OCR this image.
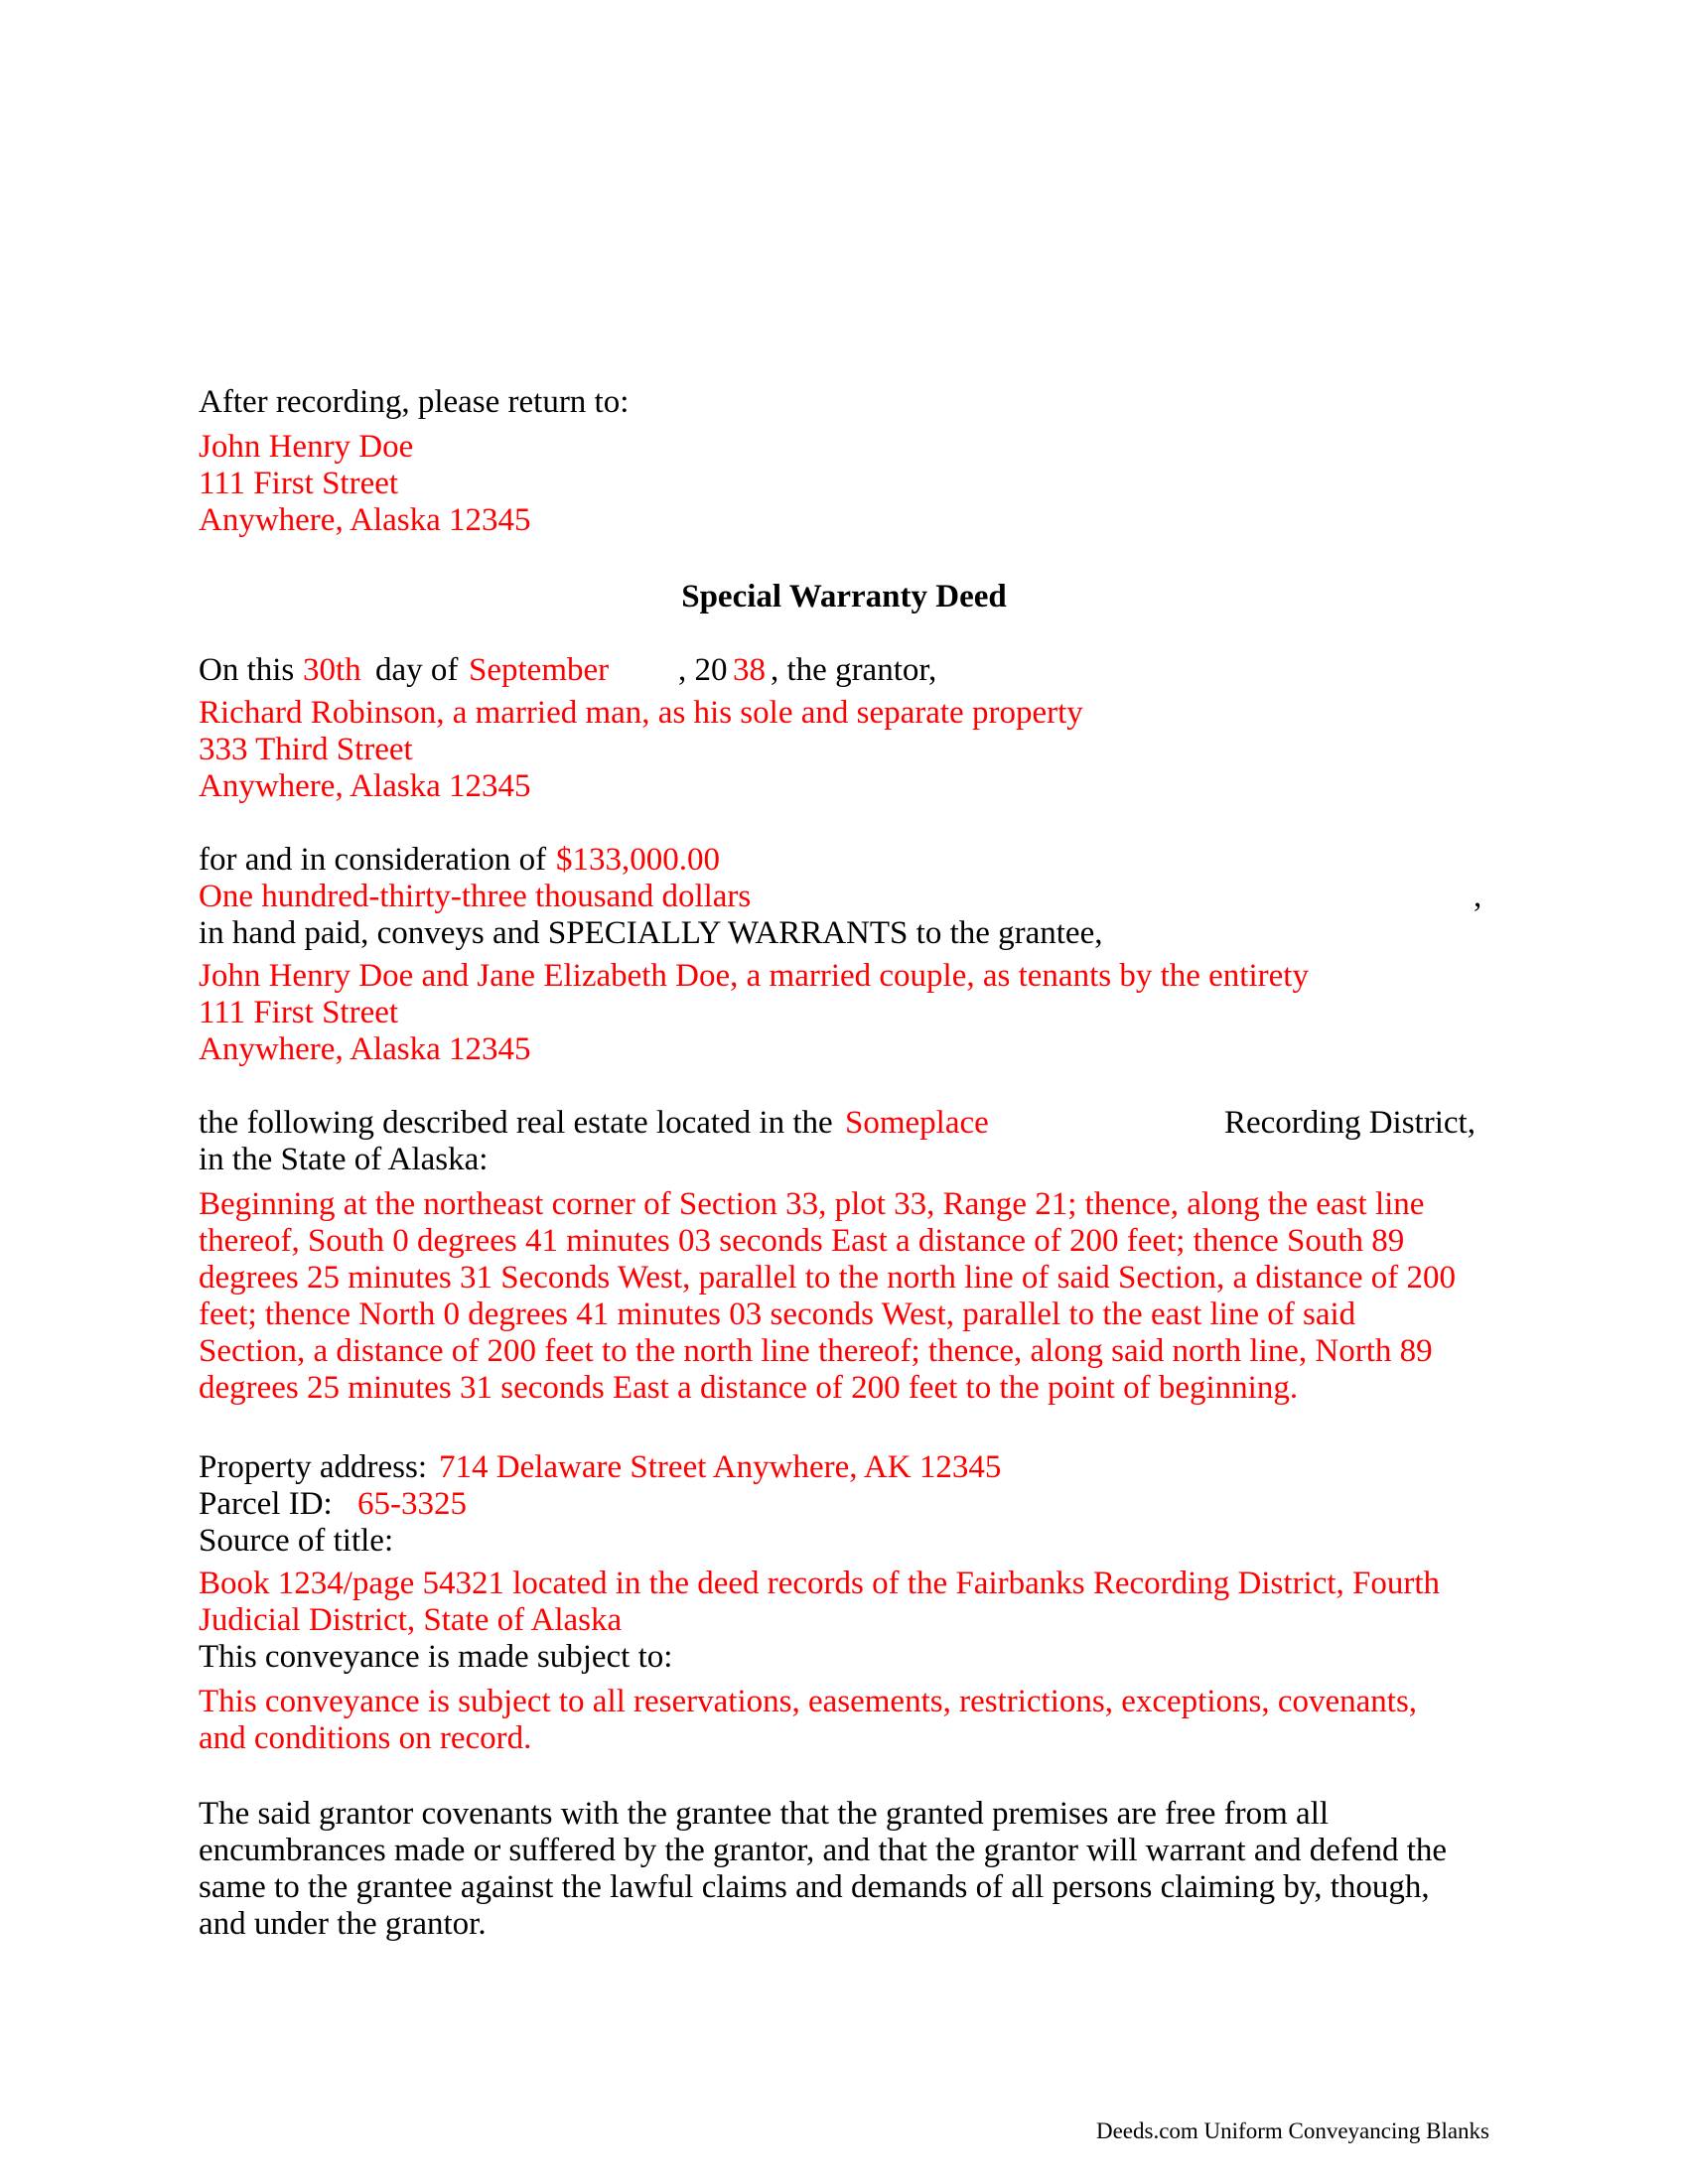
After recording, please return to:
John Henry Doe
111 First Street
Anywhere, Alaska 12345
Special Warranty Deed
On this 30th day of September , 20 38 , the grantor,
Richard Robinson, a married man, as his sole and separate property
333 Third Street
Anywhere, Alaska 12345
for and in consideration of $133,000.00
One hundred-thirty-three thousand dollars	,
in hand paid, conveys and SPECIALLY WARRANTS to the grantee,
John Henry Doe and Jane Elizabeth Doe, a married couple, as tenants by the entirety
111 First Street
Anywhere, Alaska 12345
the following described real estate located in the Someplace	Recording District,
in the State of Alaska:
Beginning at the northeast corner of Section 33, plot 33, Range 21; thence, along the east line
thereof, South 0 degrees 41 minutes 03 seconds East a distance of 200 feet; thence South 89
degrees 25 minutes 31 Seconds West, parallel to the north line of said Section, a distance of 200
feet; thence North 0 degrees 41 minutes 03 seconds West, parallel to the east line of said
Section, a distance of 200 feet to the north line thereof; thence, along said north line, North 89
degrees 25 minutes 31 seconds East a distance of 200 feet to the point of beginning.
Property address: 714 Delaware Street Anywhere, AK 12345
Parcel ID: 65-3325
Source of title:
Book 1234/page 54321 located in the deed records of the Fairbanks Recording District, Fourth
Judicial District, State of Alaska
This conveyance is made subject to:
This conveyance is subject to all reservations, easements, restrictions, exceptions, covenants,
and conditions on record.
The said grantor covenants with the grantee that the granted premises are free from all
encumbrances made or suffered by the grantor, and that the grantor will warrant and defend the
same to the grantee against the lawful claims and demands of all persons claiming by, though,
and under the grantor.
Deeds.com Uniform Conveyancing Blanks
